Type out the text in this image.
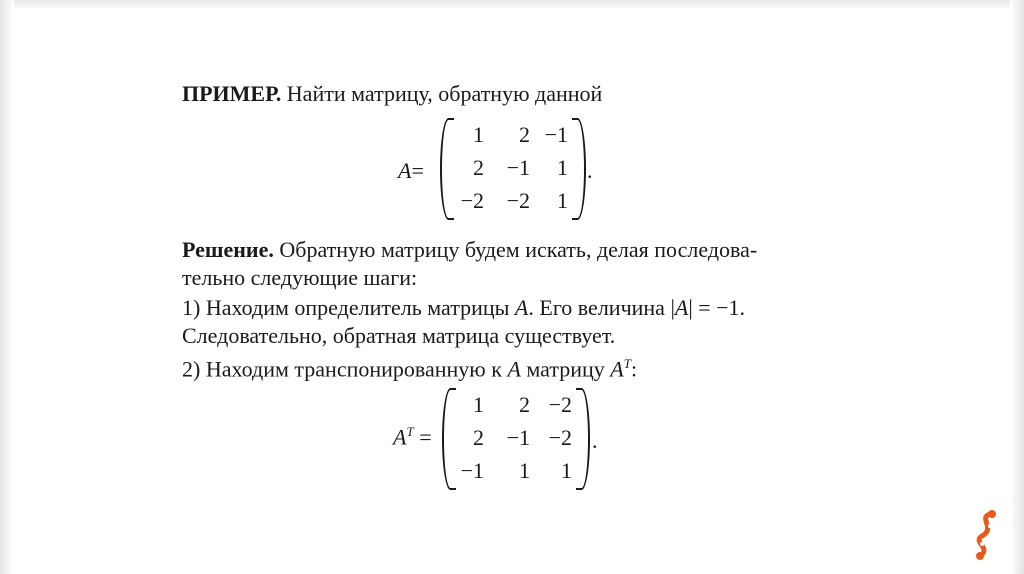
ПРИМЕР. Найти матрицу, обратную данной
A=
1	2 −1
2	−1	1
−2	−2	1
.
Решение. Обратную матрицу будем искать, делая последова-
тельно следующие шаги:
1) Находим определитель матрицы A. Его величина |A| = −1.
Следовательно, обратная матрица существует.
2) Находим транспонированную к A матрицу $A^T$:
$A^T$ =
1	2 −2
2	−1 −2
−1	1	1
.
